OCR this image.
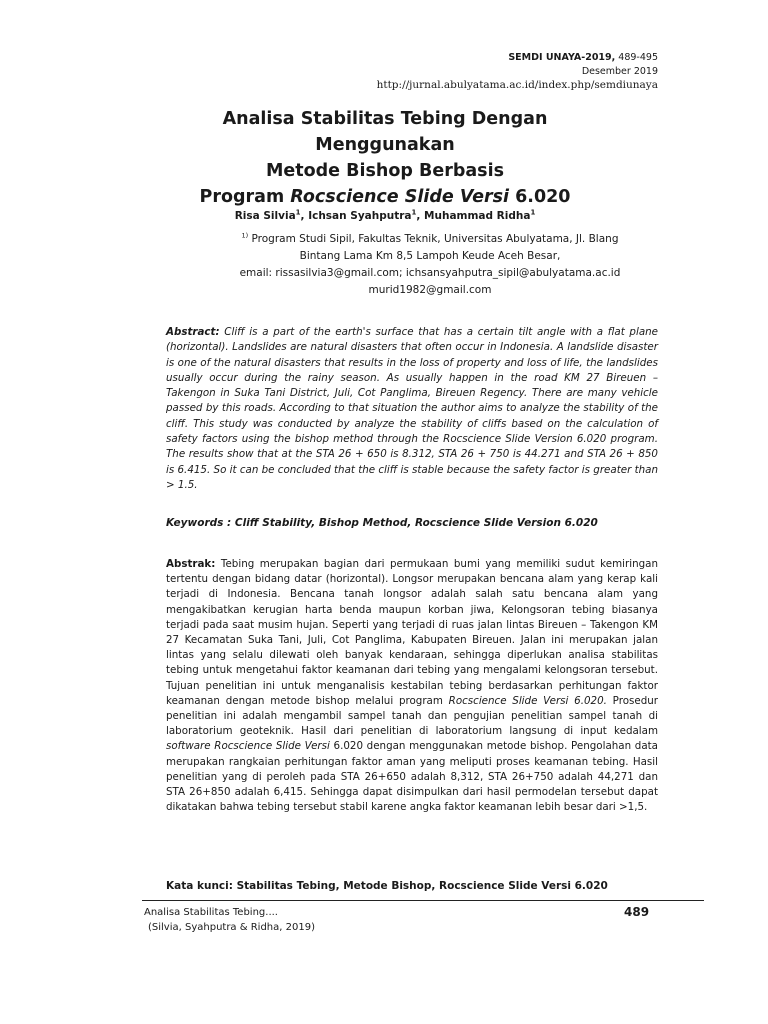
SEMDI UNAYA-2019, 489-495
Desember 2019
http://jurnal.abulyatama.ac.id/index.php/semdiunaya
Analisa Stabilitas Tebing Dengan Menggunakan
Metode Bishop Berbasis
Program Rocscience Slide Versi 6.020
Risa Silvia$^1$, Ichsan Syahputra$^1$, Muhammad Ridha$^1$
$^{1)}$ Program Studi Sipil, Fakultas Teknik, Universitas Abulyatama, Jl. Blang
Bintang Lama Km 8,5 Lampoh Keude Aceh Besar,
email: rissasilvia3@gmail.com; ichsansyahputra_sipil@abulyatama.ac.id
murid1982@gmail.com
Abstract: Cliff is a part of the earth's surface that has a certain tilt angle with a flat plane (horizontal). Landslides are natural disasters that often occur in Indonesia. A landslide disaster is one of the natural disasters that results in the loss of property and loss of life, the landslides usually occur during the rainy season. As usually happen in the road KM 27 Bireuen – Takengon in Suka Tani District, Juli, Cot Panglima, Bireuen Regency. There are many vehicle passed by this roads. According to that situation the author aims to analyze the stability of the cliff. This study was conducted by analyze the stability of cliffs based on the calculation of safety factors using the bishop method through the Rocscience Slide Version 6.020 program. The results show that at the STA 26 + 650 is 8.312, STA 26 + 750 is 44.271 and STA 26 + 850 is 6.415. So it can be concluded that the cliff is stable because the safety factor is greater than > 1.5.
Keywords : Cliff Stability, Bishop Method, Rocscience Slide Version 6.020
Abstrak: Tebing merupakan bagian dari permukaan bumi yang memiliki sudut kemiringan tertentu dengan bidang datar (horizontal). Longsor merupakan bencana alam yang kerap kali terjadi di Indonesia. Bencana tanah longsor adalah salah satu bencana alam yang mengakibatkan kerugian harta benda maupun korban jiwa, Kelongsoran tebing biasanya terjadi pada saat musim hujan. Seperti yang terjadi di ruas jalan lintas Bireuen – Takengon KM 27 Kecamatan Suka Tani, Juli, Cot Panglima, Kabupaten Bireuen. Jalan ini merupakan jalan lintas yang selalu dilewati oleh banyak kendaraan, sehingga diperlukan analisa stabilitas tebing untuk mengetahui faktor keamanan dari tebing yang mengalami kelongsoran tersebut. Tujuan penelitian ini untuk menganalisis kestabilan tebing berdasarkan perhitungan faktor keamanan dengan metode bishop melalui program Rocscience Slide Versi 6.020. Prosedur penelitian ini adalah mengambil sampel tanah dan pengujian penelitian sampel tanah di laboratorium geoteknik. Hasil dari penelitian di laboratorium langsung di input kedalam software Rocscience Slide Versi 6.020 dengan menggunakan metode bishop. Pengolahan data merupakan rangkaian perhitungan faktor aman yang meliputi proses keamanan tebing. Hasil penelitian yang di peroleh pada STA 26+650 adalah 8,312, STA 26+750 adalah 44,271 dan STA 26+850 adalah 6,415. Sehingga dapat disimpulkan dari hasil permodelan tersebut dapat dikatakan bahwa tebing tersebut stabil karene angka faktor keamanan lebih besar dari >1,5.
Kata kunci: Stabilitas Tebing, Metode Bishop, Rocscience Slide Versi 6.020
Analisa Stabilitas Tebing....
(Silvia, Syahputra & Ridha, 2019)
489
